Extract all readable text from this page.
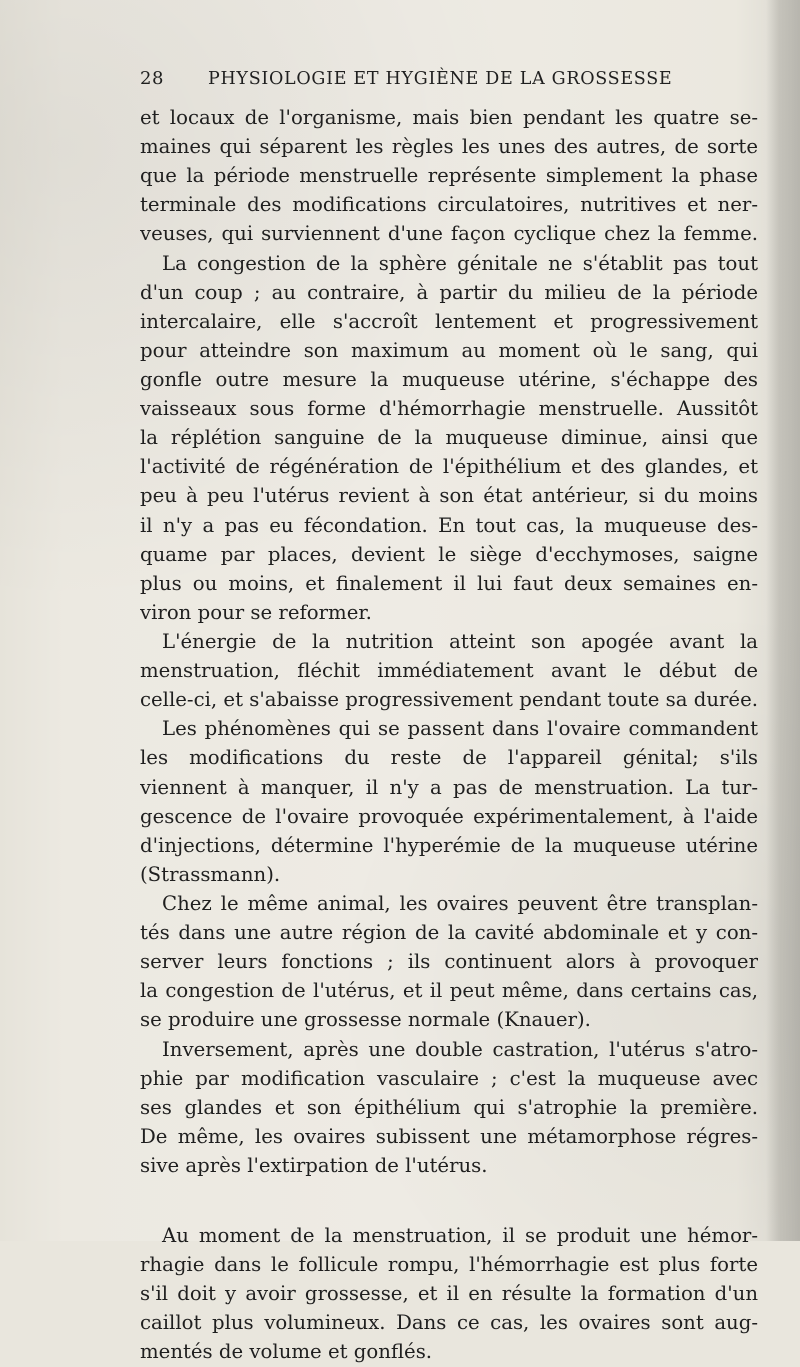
28	PHYSIOLOGIE ET HYGIÈNE DE LA GROSSESSE
et locaux de l'organisme, mais bien pendant les quatre se-
maines qui séparent les règles les unes des autres, de sorte
que la période menstruelle représente simplement la phase
terminale des modifications circulatoires, nutritives et ner-
veuses, qui surviennent d'une façon cyclique chez la femme.
La congestion de la sphère génitale ne s'établit pas tout
d'un coup ; au contraire, à partir du milieu de la période
intercalaire, elle s'accroît lentement et progressivement
pour atteindre son maximum au moment où le sang, qui
gonfle outre mesure la muqueuse utérine, s'échappe des
vaisseaux sous forme d'hémorrhagie menstruelle. Aussitôt
la réplétion sanguine de la muqueuse diminue, ainsi que
l'activité de régénération de l'épithélium et des glandes, et
peu à peu l'utérus revient à son état antérieur, si du moins
il n'y a pas eu fécondation. En tout cas, la muqueuse des-
quame par places, devient le siège d'ecchymoses, saigne
plus ou moins, et finalement il lui faut deux semaines en-
viron pour se reformer.
L'énergie de la nutrition atteint son apogée avant la
menstruation, fléchit immédiatement avant le début de
celle-ci, et s'abaisse progressivement pendant toute sa durée.
Les phénomènes qui se passent dans l'ovaire commandent
les modifications du reste de l'appareil génital; s'ils
viennent à manquer, il n'y a pas de menstruation. La tur-
gescence de l'ovaire provoquée expérimentalement, à l'aide
d'injections, détermine l'hyperémie de la muqueuse utérine
(Strassmann).
Chez le même animal, les ovaires peuvent être transplan-
tés dans une autre région de la cavité abdominale et y con-
server leurs fonctions ; ils continuent alors à provoquer
la congestion de l'utérus, et il peut même, dans certains cas,
se produire une grossesse normale (Knauer).
Inversement, après une double castration, l'utérus s'atro-
phie par modification vasculaire ; c'est la muqueuse avec
ses glandes et son épithélium qui s'atrophie la première.
De même, les ovaires subissent une métamorphose régres-
sive après l'extirpation de l'utérus.
Au moment de la menstruation, il se produit une hémor-
rhagie dans le follicule rompu, l'hémorrhagie est plus forte
s'il doit y avoir grossesse, et il en résulte la formation d'un
caillot plus volumineux. Dans ce cas, les ovaires sont aug-
mentés de volume et gonflés.
